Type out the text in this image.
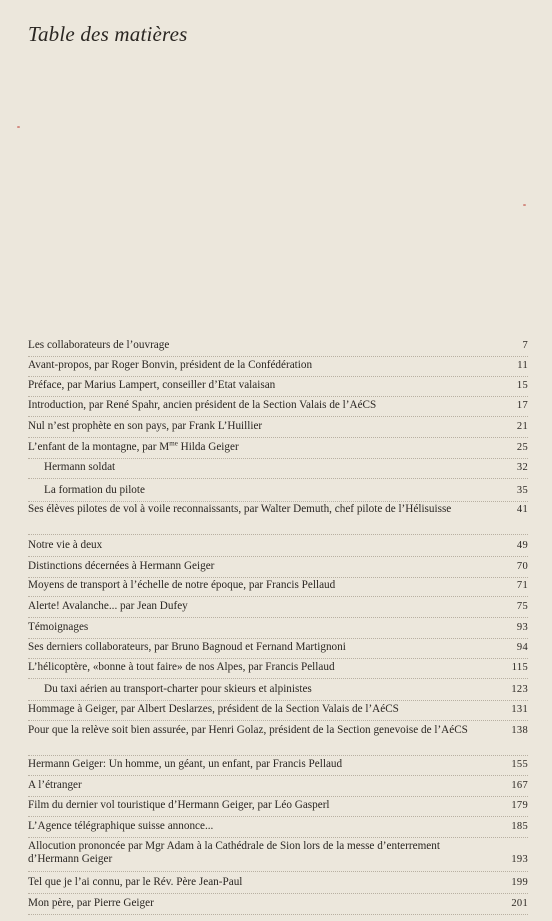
Table des matières
Les collaborateurs de l’ouvrage	7
Avant-propos, par Roger Bonvin, président de la Confédération	11
Préface, par Marius Lampert, conseiller d’Etat valaisan	15
Introduction, par René Spahr, ancien président de la Section Valais de l’AéCS	17
Nul n’est prophète en son pays, par Frank L’Huillier	21
L’enfant de la montagne, par $M^{me}$ Hilda Geiger	25
Hermann soldat	32
La formation du pilote	35
Ses élèves pilotes de vol à voile reconnaissants, par Walter Demuth, chef pilote de l’Hélisuisse	41
Notre vie à deux	49
Distinctions décernées à Hermann Geiger	70
Moyens de transport à l’échelle de notre époque, par Francis Pellaud	71
Alerte! Avalanche... par Jean Dufey	75
Témoignages	93
Ses derniers collaborateurs, par Bruno Bagnoud et Fernand Martignoni	94
L’hélicoptère, «bonne à tout faire» de nos Alpes, par Francis Pellaud	115
Du taxi aérien au transport-charter pour skieurs et alpinistes	123
Hommage à Geiger, par Albert Deslarzes, président de la Section Valais de l’AéCS	131
Pour que la relève soit bien assurée, par Henri Golaz, président de la Section genevoise de l’AéCS	138
Hermann Geiger: Un homme, un géant, un enfant, par Francis Pellaud	155
A l’étranger	167
Film du dernier vol touristique d’Hermann Geiger, par Léo Gasperl	179
L’Agence télégraphique suisse annonce...	185
Allocution prononcée par Mgr Adam à la Cathédrale de Sion lors de la messe d’enterrement d’Hermann Geiger	193
Tel que je l’ai connu, par le Rév. Père Jean-Paul	199
Mon père, par Pierre Geiger	201
